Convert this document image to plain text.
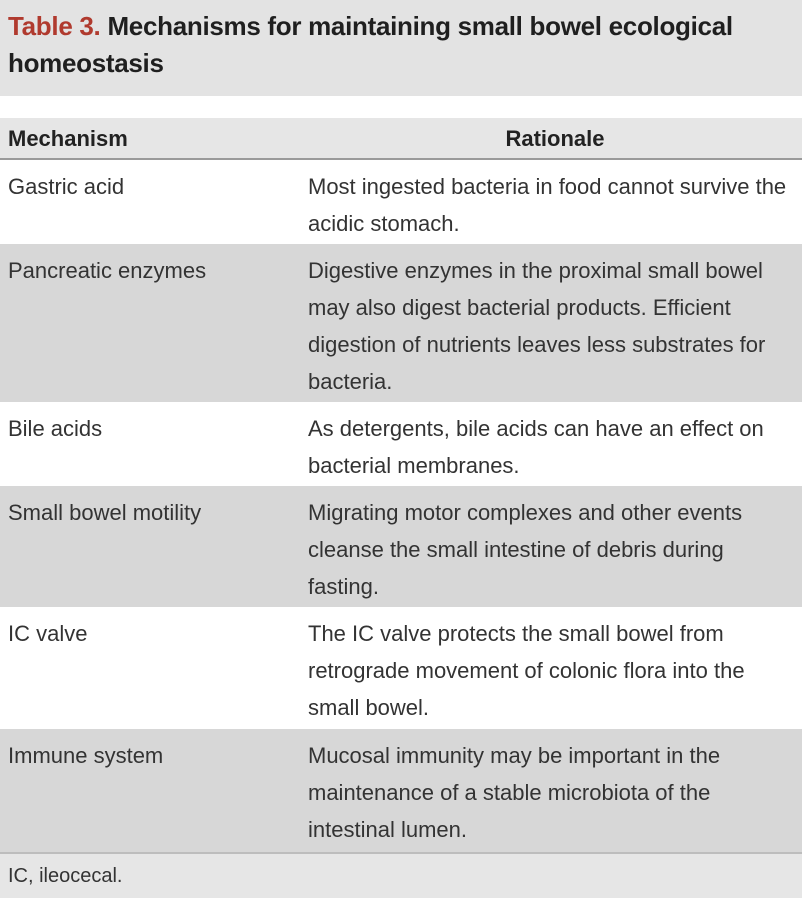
Table 3. Mechanisms for maintaining small bowel ecological homeostasis
Mechanism	Rationale
Gastric acid	Most ingested bacteria in food cannot survive the acidic stomach.
Pancreatic enzymes	Digestive enzymes in the proximal small bowel may also digest bacterial products. Efficient digestion of nutrients leaves less substrates for bacteria.
Bile acids	As detergents, bile acids can have an effect on bacterial membranes.
Small bowel motility	Migrating motor complexes and other events cleanse the small intestine of debris during fasting.
IC valve	The IC valve protects the small bowel from retrograde movement of colonic flora into the small bowel.
Immune system	Mucosal immunity may be important in the maintenance of a stable microbiota of the intestinal lumen.
IC, ileocecal.
